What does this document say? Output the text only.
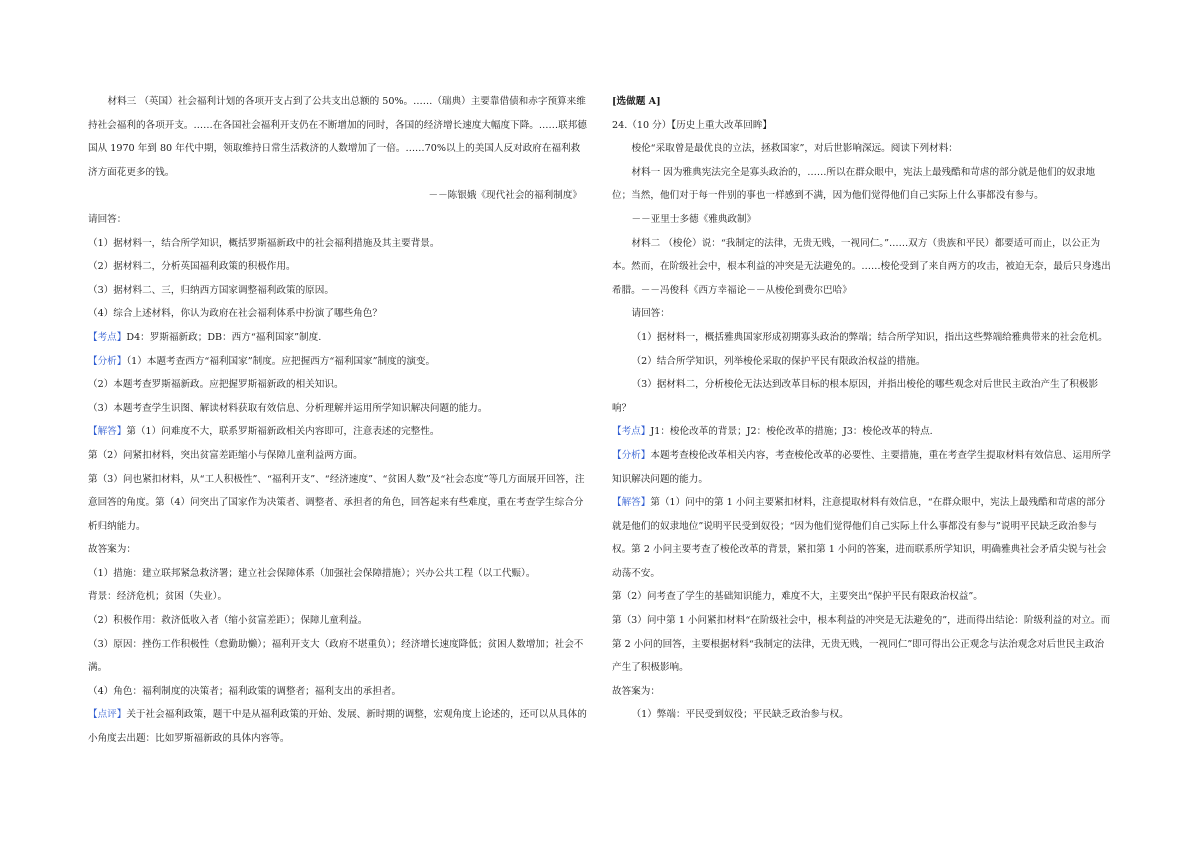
材料三 （英国）社会福利计划的各项开支占到了公共支出总额的 50%。……（瑞典）主要靠借债和赤字预算来维持社会福利的各项开支。……在各国社会福利开支仍在不断增加的同时，各国的经济增长速度大幅度下降。……联邦德国从 1970 年到 80 年代中期，领取维持日常生活救济的人数增加了一倍。……70%以上的美国人反对政府在福利救济方面花更多的钱。

－－陈银娥《现代社会的福利制度》

请回答：

（1）据材料一，结合所学知识，概括罗斯福新政中的社会福利措施及其主要背景。

（2）据材料二，分析英国福利政策的积极作用。

（3）据材料二、三，归纳西方国家调整福利政策的原因。

（4）综合上述材料，你认为政府在社会福利体系中扮演了哪些角色？

【考点】D4：罗斯福新政；DB：西方“福利国家”制度.

【分析】（1）本题考查西方“福利国家”制度。应把握西方“福利国家”制度的演变。

（2）本题考查罗斯福新政。应把握罗斯福新政的相关知识。

（3）本题考查学生识图、解读材料获取有效信息、分析理解并运用所学知识解决问题的能力。

【解答】第（1）问难度不大，联系罗斯福新政相关内容即可，注意表述的完整性。

第（2）问紧扣材料，突出贫富差距缩小与保障儿童利益两方面。

第（3）问也紧扣材料，从“工人积极性”、“福利开支”、“经济速度”、“贫困人数”及“社会态度”等几方面展开回答，注意回答的角度。第（4）问突出了国家作为决策者、调整者、承担者的角色，回答起来有些难度，重在考查学生综合分析归纳能力。

故答案为：

（1）措施：建立联邦紧急救济署；建立社会保障体系（加强社会保障措施）；兴办公共工程（以工代赈）。

背景：经济危机；贫困（失业）。

（2）积极作用：救济低收入者（缩小贫富差距）；保障儿童利益。

（3）原因：挫伤工作积极性（怠勤助懒）；福利开支大（政府不堪重负）；经济增长速度降低；贫困人数增加；社会不满。

（4）角色：福利制度的决策者；福利政策的调整者；福利支出的承担者。

【点评】关于社会福利政策，题干中是从福利政策的开始、发展、新时期的调整，宏观角度上论述的，还可以从具体的小角度去出题：比如罗斯福新政的具体内容等。

[选做题 A]

24.（10 分）【历史上重大改革回眸】

梭伦“采取曾是最优良的立法，拯救国家”，对后世影响深远。阅读下列材料：

材料一 因为雅典宪法完全是寡头政治的，……所以在群众眼中，宪法上最残酷和苛虐的部分就是他们的奴隶地位；当然，他们对于每一件别的事也一样感到不满，因为他们觉得他们自己实际上什么事都没有参与。

－－亚里士多德《雅典政制》

材料二 （梭伦）说：“我制定的法律，无贵无贱，一视同仁。”……双方（贵族和平民）都要适可而止，以公正为本。然而，在阶级社会中，根本利益的冲突是无法避免的。……梭伦受到了来自两方的攻击，被迫无奈，最后只身逃出希腊。－－冯俊科《西方幸福论－－从梭伦到费尔巴哈》

请回答：

（1）据材料一，概括雅典国家形成初期寡头政治的弊端；结合所学知识，指出这些弊端给雅典带来的社会危机。

（2）结合所学知识，列举梭伦采取的保护平民有限政治权益的措施。

（3）据材料二，分析梭伦无法达到改革目标的根本原因，并指出梭伦的哪些观念对后世民主政治产生了积极影响？

【考点】J1：梭伦改革的背景；J2：梭伦改革的措施；J3：梭伦改革的特点.

【分析】本题考查梭伦改革相关内容，考查梭伦改革的必要性、主要措施，重在考查学生提取材料有效信息、运用所学知识解决问题的能力。

【解答】第（1）问中的第 1 小问主要紧扣材料，注意提取材料有效信息，“在群众眼中，宪法上最残酷和苛虐的部分就是他们的奴隶地位”说明平民受到奴役；“因为他们觉得他们自己实际上什么事都没有参与”说明平民缺乏政治参与权。第 2 小问主要考查了梭伦改革的背景，紧扣第 1 小问的答案，进而联系所学知识，明确雅典社会矛盾尖锐与社会动荡不安。

第（2）问考查了学生的基础知识能力，难度不大，主要突出“保护平民有限政治权益”。

第（3）问中第 1 小问紧扣材料“在阶级社会中，根本利益的冲突是无法避免的”，进而得出结论：阶级利益的对立。而第 2 小问的回答，主要根据材料“我制定的法律，无贵无贱，一视同仁”即可得出公正观念与法治观念对后世民主政治产生了积极影响。

故答案为：

（1）弊端：平民受到奴役；平民缺乏政治参与权。
